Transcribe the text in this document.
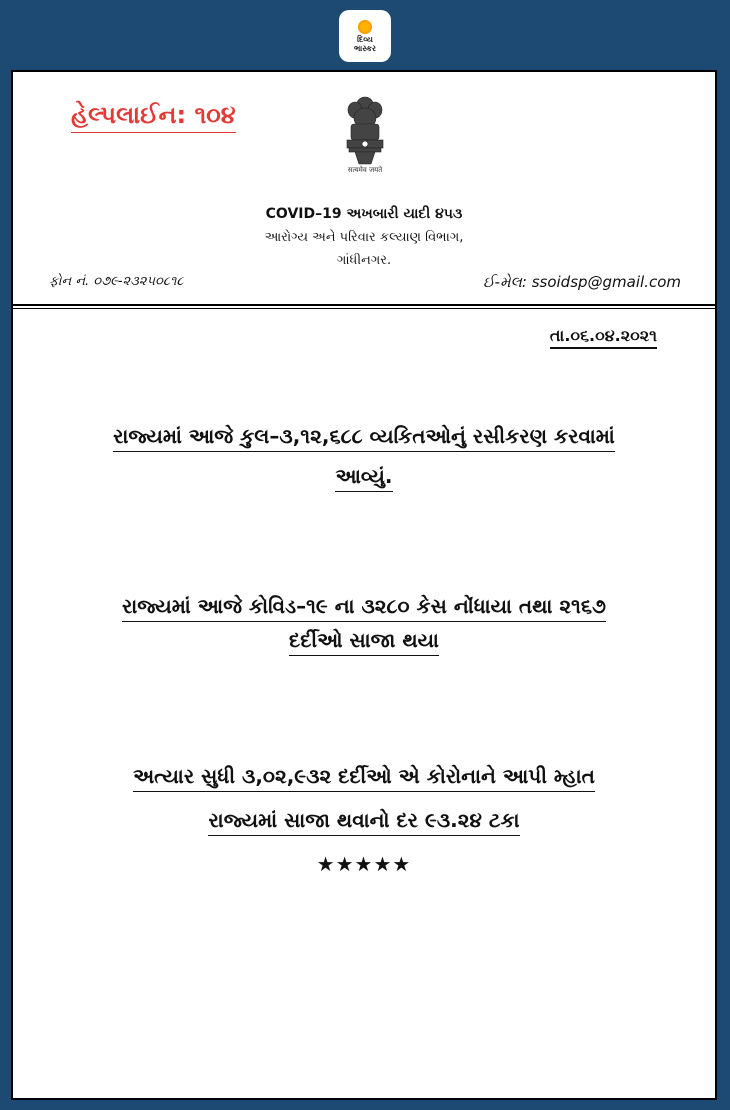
દિવ્ય
ભાસ્કર
હેલ્પલાઈન: ૧૦૪
सत्यमेव जयते
COVID–19 અખબારી યાદી ૪૫૩
આરોગ્ય અને પરિવાર કલ્યાણ વિભાગ,
ગાંધીનગર.
ફોન નં. ૦૭૯-૨૩૨૫૦૮૧૮	ઈ-મેલ: ssoidsp@gmail.com
તા.૦૬.૦૪.૨૦૨૧
રાજ્યમાં આજે કુલ–૩,૧૨,૬૮૮ વ્યકિતઓનું રસીકરણ કરવામાં
આવ્યું.
રાજ્યમાં આજે કોવિડ–૧૯ ના ૩૨૮૦ કેસ નોંધાયા તથા ૨૧૬૭
દર્દીઓ સાજા થયા
અત્યાર સુધી ૩,૦૨,૯૩૨ દર્દીઓ એ કોરોનાને આપી મ્હાત
રાજ્યમાં સાજા થવાનો દર ૯૩.૨૪ ટકા
★★★★★
